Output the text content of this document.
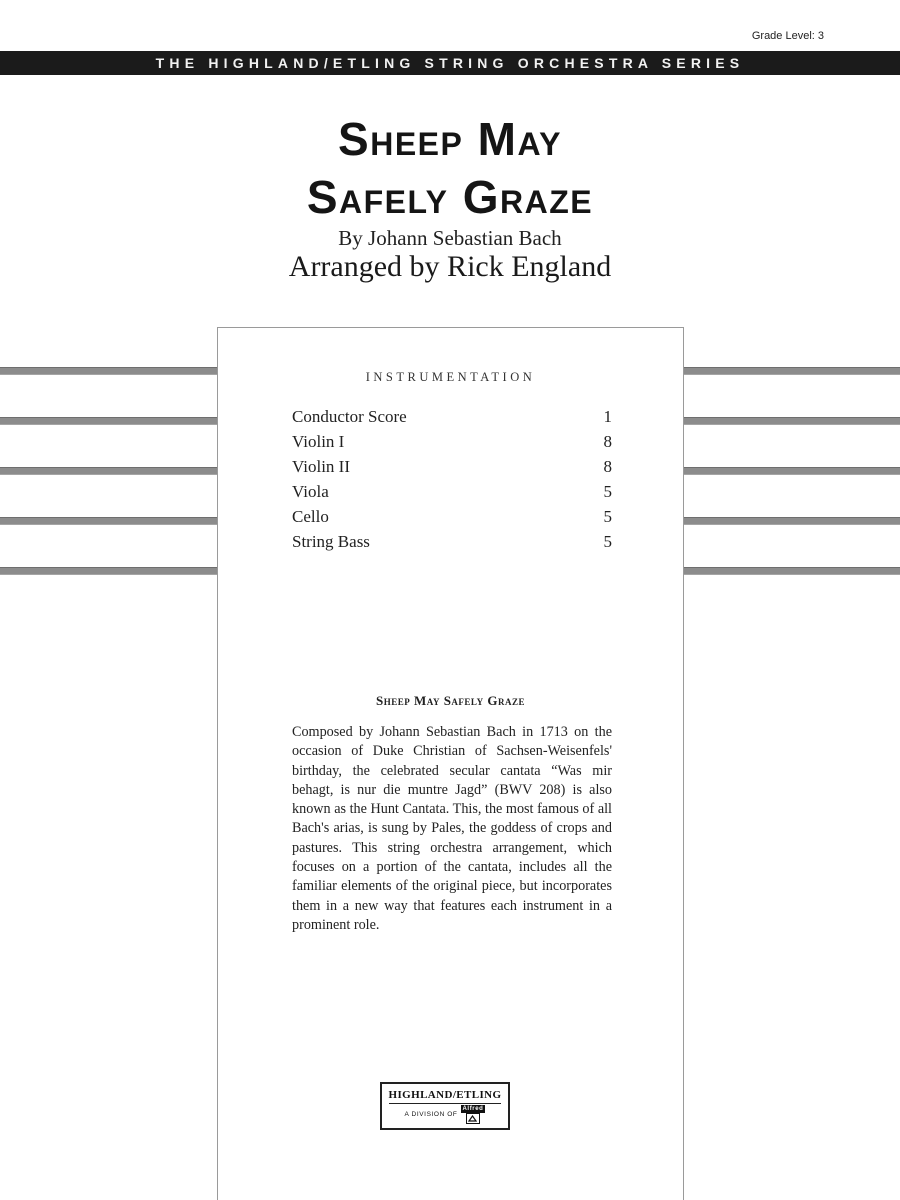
Grade Level: 3
THE HIGHLAND/ETLING STRING ORCHESTRA SERIES
Sheep May
Safely Graze
By Johann Sebastian Bach
Arranged by Rick England
INSTRUMENTATION
Conductor Score	1
Violin I	8
Violin II	8
Viola	5
Cello	5
String Bass	5
Sheep May Safely Graze

Composed by Johann Sebastian Bach in 1713 on the occasion of Duke Christian of Sachsen-Weisenfels' birthday, the celebrated secular cantata “Was mir behagt, is nur die muntre Jagd” (BWV 208) is also known as the Hunt Cantata. This, the most famous of all Bach's arias, is sung by Pales, the goddess of crops and pastures. This string orchestra arrangement, which focuses on a portion of the cantata, includes all the familiar elements of the original piece, but incorporates them in a new way that features each instrument in a prominent role.

HIGHLAND/ETLING
A DIVISION OF
Alfred
